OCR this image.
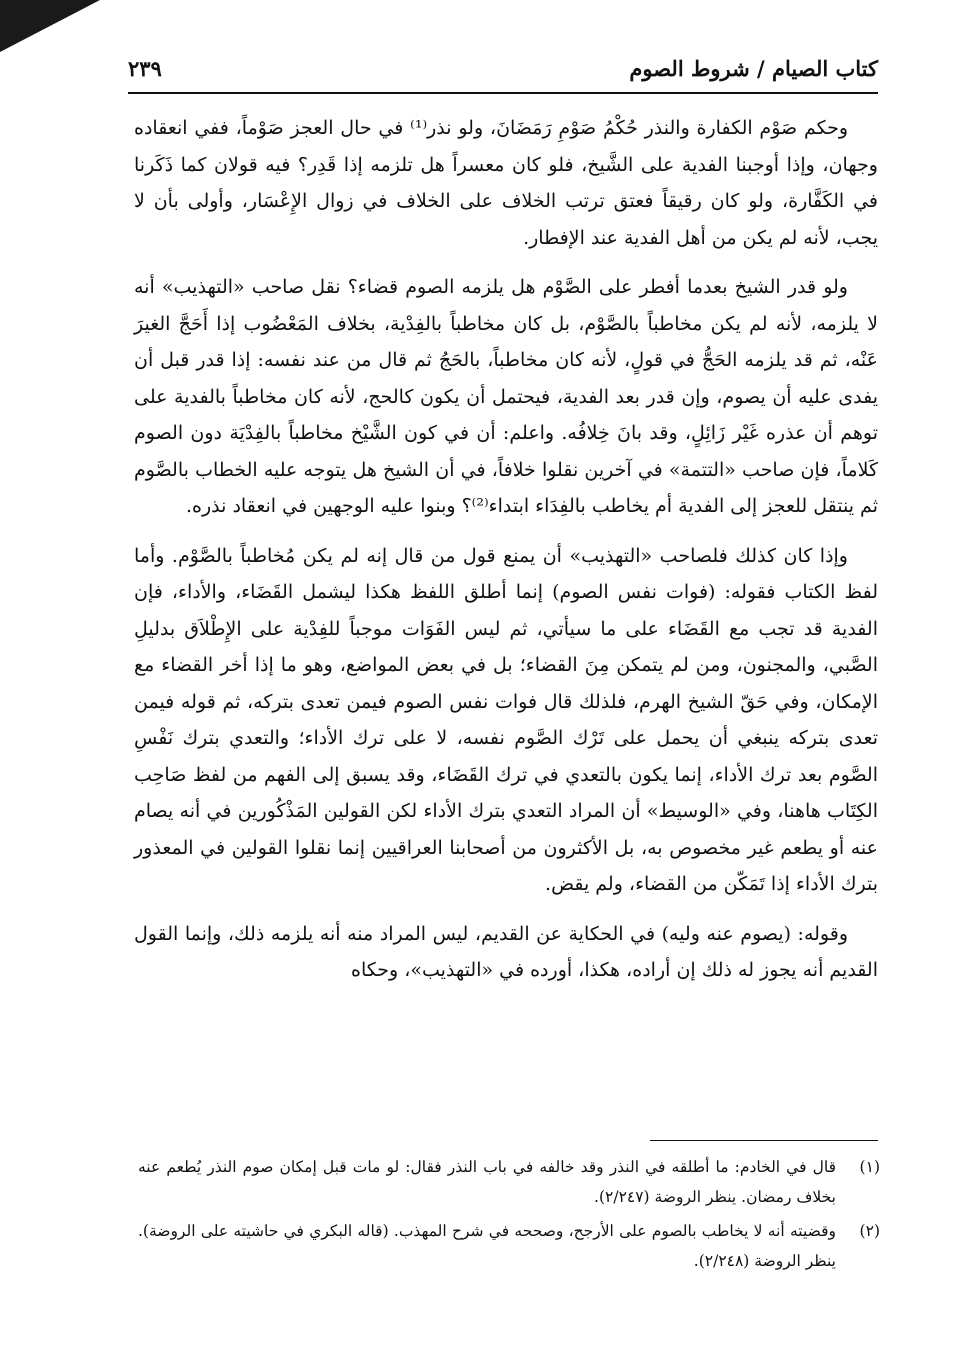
كتاب الصيام / شروط الصوم
٢٣٩

وحكم صَوْم الكفارة والنذر حُكْمُ صَوْمِ رَمَضَانَ، ولو نذر⁽¹⁾ في حال العجز صَوْماً، ففي انعقاده وجهان، وإذا أوجبنا الفدية على الشَّيخ، فلو كان معسراً هل تلزمه إذا قَدِر؟ فيه قولان كما ذَكَرنا في الكَفَّارة، ولو كان رقيقاً فعتق ترتب الخلاف على الخلاف في زوال الإِعْسَار، وأولى بأن لا يجب، لأنه لم يكن من أهل الفدية عند الإفطار.

ولو قدر الشيخ بعدما أفطر على الصَّوْم هل يلزمه الصوم قضاء؟ نقل صاحب «التهذيب» أنه لا يلزمه، لأنه لم يكن مخاطباً بالصَّوْم، بل كان مخاطباً بالفِدْية، بخلاف المَعْضُوب إذا أَحَجَّ الغيرَ عَنْه، ثم قد يلزمه الحَجُّ في قولٍ، لأنه كان مخاطباً، بالحَجُ ثم قال من عند نفسه: إذا قدر قبل أن يفدى عليه أن يصوم، وإن قدر بعد الفدية، فيحتمل أن يكون كالحج، لأنه كان مخاطباً بالفدية على توهم أن عذره غَيْر زَائِلٍ، وقد بانَ خِلافُه. واعلم: أن في كون الشَّيْخ مخاطباً بالفِدْيَة دون الصوم كَلاماً، فإن صاحب «التتمة» في آخرين نقلوا خلافاً، في أن الشيخ هل يتوجه عليه الخطاب بالصَّوم ثم ينتقل للعجز إلى الفدية أم يخاطب بالفِدَاء ابتداء⁽²⁾؟ وبنوا عليه الوجهين في انعقاد نذره.

وإذا كان كذلك فلصاحب «التهذيب» أن يمنع قول من قال إنه لم يكن مُخاطباً بالصَّوْم. وأما لفظ الكتاب فقوله: (فوات نفس الصوم) إنما أطلق اللفظ هكذا ليشمل القَضَاء، والأداء، فإن الفدية قد تجب مع القَضَاء على ما سيأتي، ثم ليس الفَوَات موجباً للفِدْية على الإِطْلاَق بدليلِ الصَّبي، والمجنون، ومن لم يتمكن مِنَ القضاء؛ بل في بعض المواضع، وهو ما إذا أخر القضاء مع الإمكان، وفي حَقّ الشيخ الهرم، فلذلك قال فوات نفس الصوم فيمن تعدى بتركه، ثم قوله فيمن تعدى بتركه ينبغي أن يحمل على تَرْك الصَّوم نفسه، لا على ترك الأداء؛ والتعدي بترك نَفْسِ الصَّوم بعد ترك الأداء، إنما يكون بالتعدي في ترك القَضَاء، وقد يسبق إلى الفهم من لفظ صَاحِب الكِتَاب هاهنا، وفي «الوسيط» أن المراد التعدي بترك الأداء لكن القولين المَذْكُورين في أنه يصام عنه أو يطعم غير مخصوص به، بل الأكثرون من أصحابنا العراقيين إنما نقلوا القولين في المعذور بترك الأداء إذا تَمَكّن من القضاء، ولم يقض.

وقوله: (يصوم عنه وليه) في الحكاية عن القديم، ليس المراد منه أنه يلزمه ذلك، وإنما القول القديم أنه يجوز له ذلك إن أراده، هكذا، أورده في «التهذيب»، وحكاه

(١)
قال في الخادم: ما أطلقه في النذر وقد خالفه في باب النذر فقال: لو مات قبل إمكان صوم النذر يُطعم عنه بخلاف رمضان. ينظر الروضة (٢/٢٤٧).
(٢)
وقضيته أنه لا يخاطب بالصوم على الأرجح، وصححه في شرح المهذب. (قاله البكري في حاشيته على الروضة). ينظر الروضة (٢/٢٤٨).
